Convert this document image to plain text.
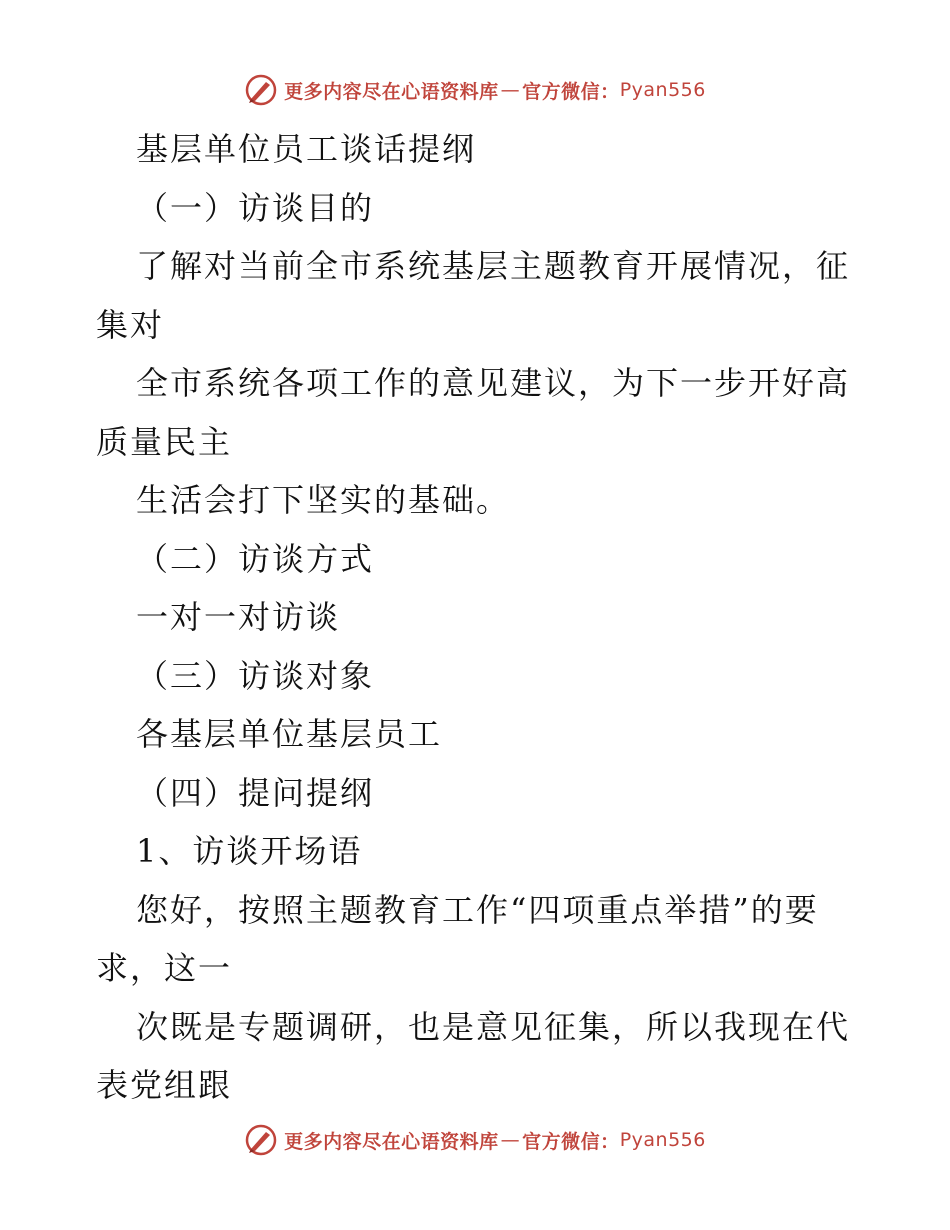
更多内容尽在心语资料库 — 官方微信： Pyan556
基层单位员工谈话提纲
（一）访谈目的
了解对当前全市系统基层主题教育开展情况，征
集对
全市系统各项工作的意见建议，为下一步开好高
质量民主
生活会打下坚实的基础。
（二）访谈方式
一对一对访谈
（三）访谈对象
各基层单位基层员工
（四）提问提纲
1、访谈开场语
您好，按照主题教育工作“四项重点举措”的要
求，这一
次既是专题调研，也是意见征集，所以我现在代
表党组跟
更多内容尽在心语资料库 — 官方微信： Pyan556
